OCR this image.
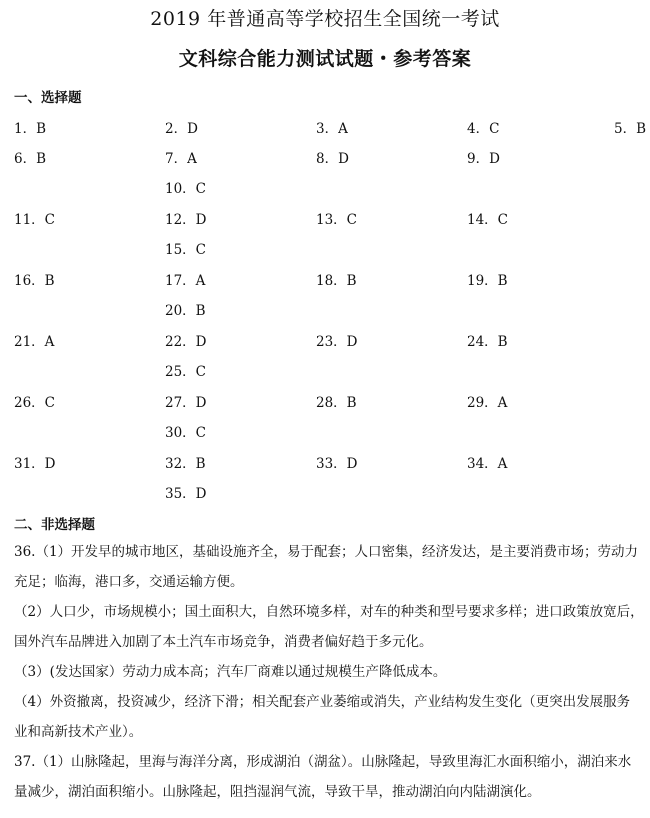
2019 年普通高等学校招生全国统一考试
文科综合能力测试试题・参考答案
一、选择题
1．B	2．D	3．A	4．C	5．B
6．B	7．A	8．D	9．D
10．C
11．C	12．D	13．C	14．C
15．C
16．B	17．A	18．B	19．B
20．B
21．A	22．D	23．D	24．B
25．C
26．C	27．D	28．B	29．A
30．C
31．D	32．B	33．D	34．A
35．D
二、非选择题
36.（1）开发早的城市地区，基础设施齐全，易于配套；人口密集，经济发达，是主要消费市场；劳动力
充足；临海，港口多，交通运输方便。
（2）人口少，市场规模小；国土面积大，自然环境多样，对车的种类和型号要求多样；进口政策放宽后，
国外汽车品牌进入加剧了本土汽车市场竞争，消费者偏好趋于多元化。
（3）(发达国家）劳动力成本高；汽车厂商难以通过规模生产降低成本。
（4）外资撤离，投资减少，经济下滑；相关配套产业萎缩或消失，产业结构发生变化（更突出发展服务
业和高新技术产业）。
37.（1）山脉隆起，里海与海洋分离，形成湖泊（湖盆）。山脉隆起，导致里海汇水面积缩小，湖泊来水
量减少，湖泊面积缩小。山脉隆起，阻挡湿润气流，导致干旱，推动湖泊向内陆湖演化。
